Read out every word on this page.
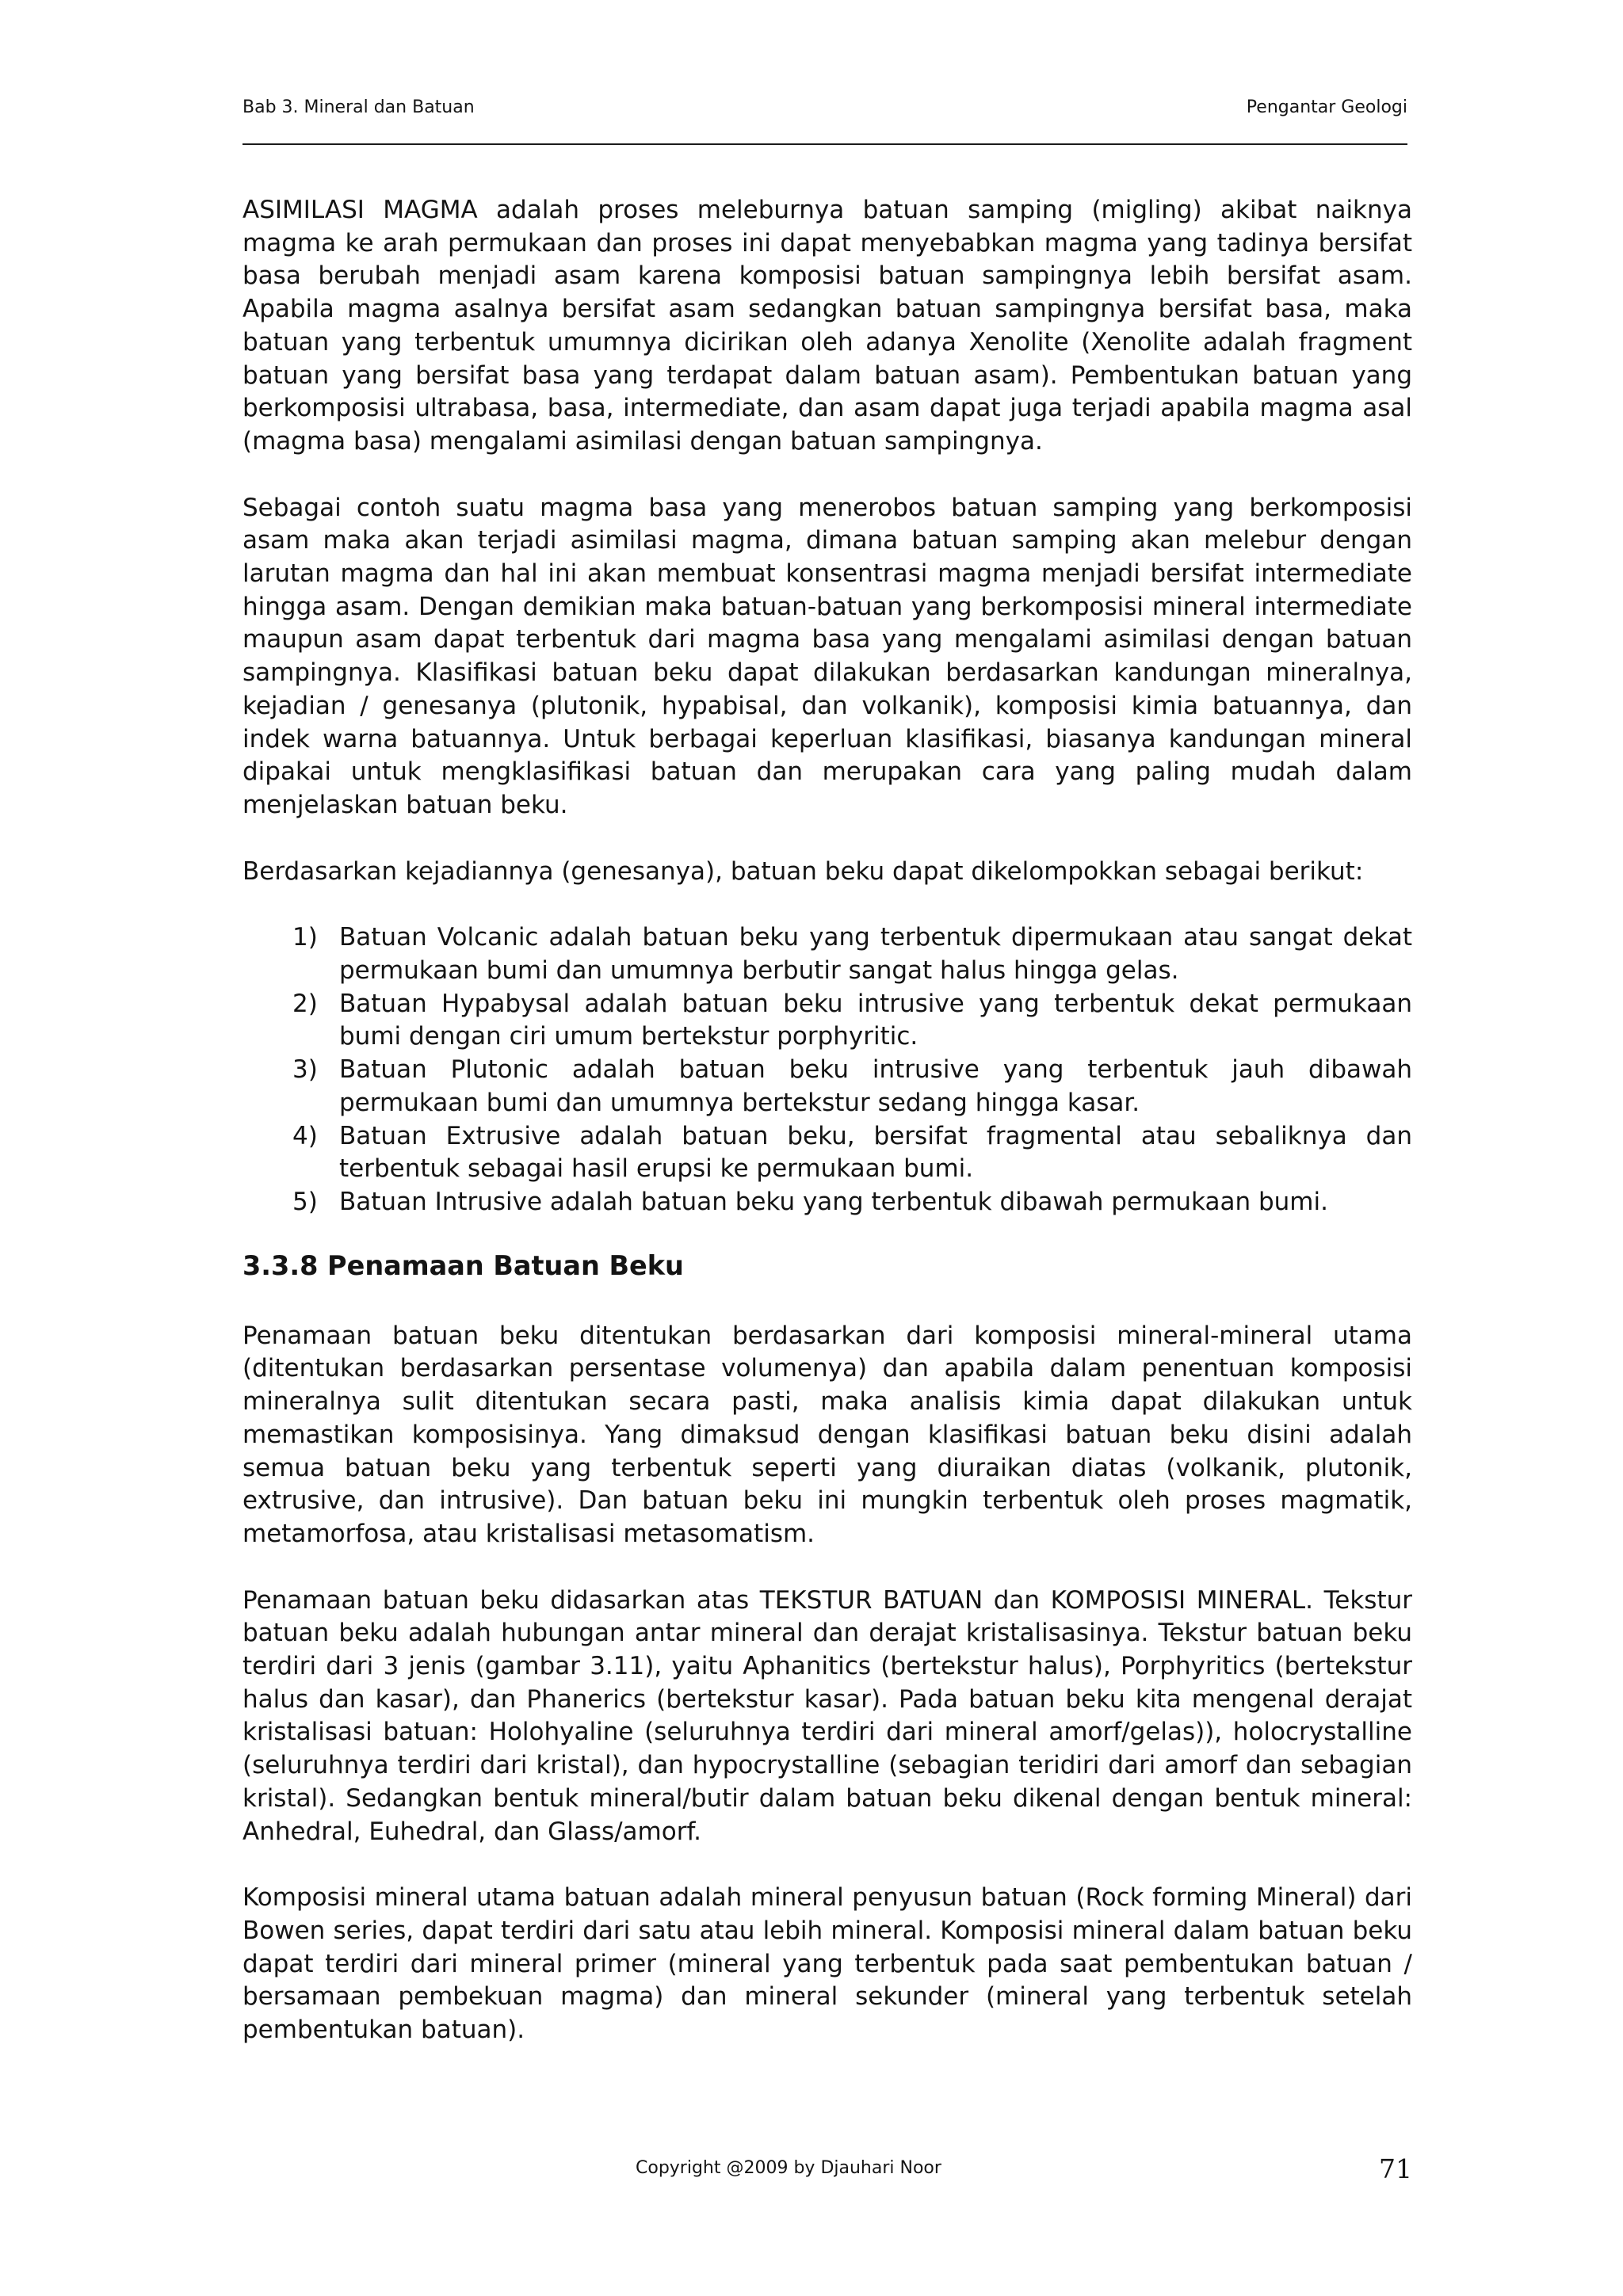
Bab 3. Mineral dan Batuan	Pengantar Geologi

ASIMILASI MAGMA adalah proses meleburnya batuan samping (migling) akibat naiknya magma ke arah permukaan dan proses ini dapat menyebabkan magma yang tadinya bersifat basa berubah menjadi asam karena komposisi batuan sampingnya lebih bersifat asam. Apabila magma asalnya bersifat asam sedangkan batuan sampingnya bersifat basa, maka batuan yang terbentuk umumnya dicirikan oleh adanya Xenolite (Xenolite adalah fragment batuan yang bersifat basa yang terdapat dalam batuan asam). Pembentukan batuan yang berkomposisi ultrabasa, basa, intermediate, dan asam dapat juga terjadi apabila magma asal (magma basa) mengalami asimilasi dengan batuan sampingnya.

Sebagai contoh suatu magma basa yang menerobos batuan samping yang berkomposisi asam maka akan terjadi asimilasi magma, dimana batuan samping akan melebur dengan larutan magma dan hal ini akan membuat konsentrasi magma menjadi bersifat intermediate hingga asam. Dengan demikian maka batuan-batuan yang berkomposisi mineral intermediate maupun asam dapat terbentuk dari magma basa yang mengalami asimilasi dengan batuan sampingnya. Klasifikasi batuan beku dapat dilakukan berdasarkan kandungan mineralnya, kejadian / genesanya (plutonik, hypabisal, dan volkanik), komposisi kimia batuannya, dan indek warna batuannya. Untuk berbagai keperluan klasifikasi, biasanya kandungan mineral dipakai untuk mengklasifikasi batuan dan merupakan cara yang paling mudah dalam menjelaskan batuan beku.

Berdasarkan kejadiannya (genesanya), batuan beku dapat dikelompokkan sebagai berikut:

1) Batuan Volcanic adalah batuan beku yang terbentuk dipermukaan atau sangat dekat permukaan bumi dan umumnya berbutir sangat halus hingga gelas.
2) Batuan Hypabysal adalah batuan beku intrusive yang terbentuk dekat permukaan bumi dengan ciri umum bertekstur porphyritic.
3) Batuan Plutonic adalah batuan beku intrusive yang terbentuk jauh dibawah permukaan bumi dan umumnya bertekstur sedang hingga kasar.
4) Batuan Extrusive adalah batuan beku, bersifat fragmental atau sebaliknya dan terbentuk sebagai hasil erupsi ke permukaan bumi.
5) Batuan Intrusive adalah batuan beku yang terbentuk dibawah permukaan bumi.
3.3.8 Penamaan Batuan Beku

Penamaan batuan beku ditentukan berdasarkan dari komposisi mineral-mineral utama (ditentukan berdasarkan persentase volumenya) dan apabila dalam penentuan komposisi mineralnya sulit ditentukan secara pasti, maka analisis kimia dapat dilakukan untuk memastikan komposisinya. Yang dimaksud dengan klasifikasi batuan beku disini adalah semua batuan beku yang terbentuk seperti yang diuraikan diatas (volkanik, plutonik, extrusive, dan intrusive). Dan batuan beku ini mungkin terbentuk oleh proses magmatik, metamorfosa, atau kristalisasi metasomatism.

Penamaan batuan beku didasarkan atas TEKSTUR BATUAN dan KOMPOSISI MINERAL. Tekstur batuan beku adalah hubungan antar mineral dan derajat kristalisasinya. Tekstur batuan beku terdiri dari 3 jenis (gambar 3.11), yaitu Aphanitics (bertekstur halus), Porphyritics (bertekstur halus dan kasar), dan Phanerics (bertekstur kasar). Pada batuan beku kita mengenal derajat kristalisasi batuan: Holohyaline (seluruhnya terdiri dari mineral amorf/gelas)), holocrystalline (seluruhnya terdiri dari kristal), dan hypocrystalline (sebagian teridiri dari amorf dan sebagian kristal). Sedangkan bentuk mineral/butir dalam batuan beku dikenal dengan bentuk mineral: Anhedral, Euhedral, dan Glass/amorf.

Komposisi mineral utama batuan adalah mineral penyusun batuan (Rock forming Mineral) dari Bowen series, dapat terdiri dari satu atau lebih mineral. Komposisi mineral dalam batuan beku dapat terdiri dari mineral primer (mineral yang terbentuk pada saat pembentukan batuan / bersamaan pembekuan magma) dan mineral sekunder (mineral yang terbentuk setelah pembentukan batuan).

Copyright @2009 by Djauhari Noor	71
